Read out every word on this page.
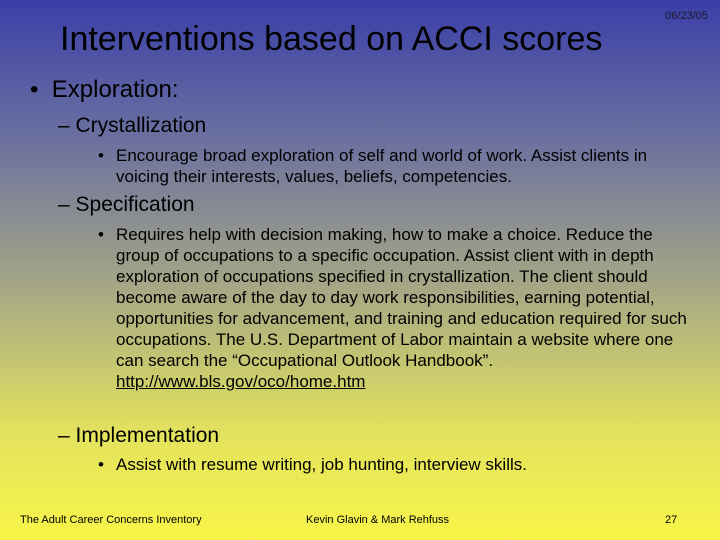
06/23/05
Interventions based on ACCI scores
•  Exploration:
– Crystallization
• Encourage broad exploration of self and world of work. Assist clients in voicing their interests, values, beliefs, competencies.
– Specification
• Requires help with decision making, how to make a choice. Reduce the group of occupations to a specific occupation. Assist client with in depth exploration of occupations specified in crystallization. The client should become aware of the day to day work responsibilities, earning potential, opportunities for advancement, and training and education required for such occupations. The U.S. Department of Labor maintain a website where one can search the “Occupational Outlook Handbook”.
http://www.bls.gov/oco/home.htm
– Implementation
• Assist with resume writing, job hunting, interview skills.
The Adult Career Concerns Inventory	Kevin Glavin & Mark Rehfuss	27
